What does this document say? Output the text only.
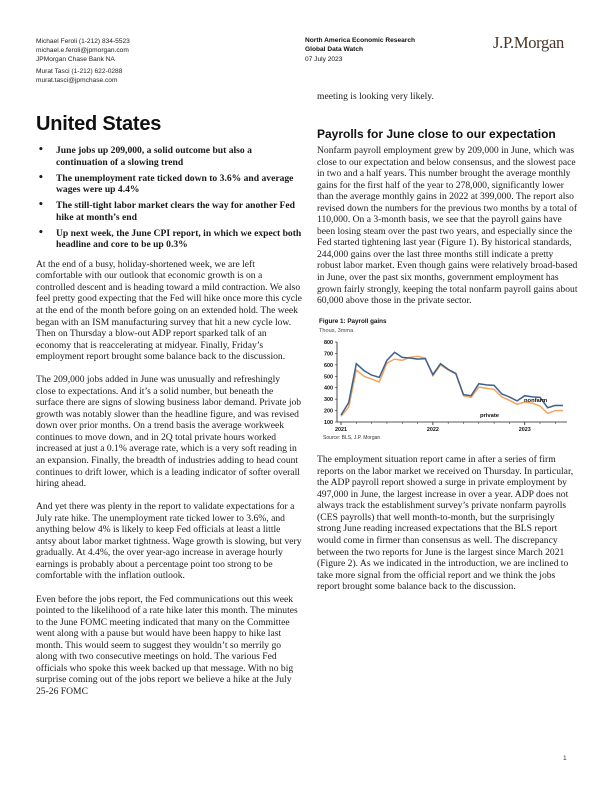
Michael Feroli (1-212) 834-5523
michael.e.feroli@jpmorgan.com
JPMorgan Chase Bank NA
Murat Tasci (1-212) 622-0288
murat.tasci@jpmchase.com
North America Economic Research
Global Data Watch
07 July 2023
J.P.Morgan
United States
• June jobs up 209,000, a solid outcome but also a continuation of a slowing trend
• The unemployment rate ticked down to 3.6% and average wages were up 4.4%
• The still-tight labor market clears the way for another Fed hike at month’s end
• Up next week, the June CPI report, in which we expect both headline and core to be up 0.3%

At the end of a busy, holiday-shortened week, we are left comfortable with our outlook that economic growth is on a controlled descent and is heading toward a mild contraction. We also feel pretty good expecting that the Fed will hike once more this cycle at the end of the month before going on an extended hold. The week began with an ISM manufacturing survey that hit a new cycle low. Then on Thursday a blow-out ADP report sparked talk of an economy that is reaccelerating at midyear. Finally, Friday’s employment report brought some balance back to the discussion.

The 209,000 jobs added in June was unusually and refreshingly close to expectations. And it’s a solid number, but beneath the surface there are signs of slowing business labor demand. Private job growth was notably slower than the headline figure, and was revised down over prior months. On a trend basis the average workweek continues to move down, and in 2Q total private hours worked increased at just a 0.1% average rate, which is a very soft reading in an expansion. Finally, the breadth of industries adding to head count continues to drift lower, which is a leading indicator of softer overall hiring ahead.

And yet there was plenty in the report to validate expectations for a July rate hike. The unemployment rate ticked lower to 3.6%, and anything below 4% is likely to keep Fed officials at least a little antsy about labor market tightness. Wage growth is slowing, but very gradually. At 4.4%, the over year-ago increase in average hourly earnings is probably about a percentage point too strong to be comfortable with the inflation outlook.

Even before the jobs report, the Fed communications out this week pointed to the likelihood of a rate hike later this month. The minutes to the June FOMC meeting indicated that many on the Committee went along with a pause but would have been happy to hike last month. This would seem to suggest they wouldn’t so merrily go along with two consecutive meetings on hold. The various Fed officials who spoke this week backed up that message. With no big surprise coming out of the jobs report we believe a hike at the July 25-26 FOMC

meeting is looking very likely.
Payrolls for June close to our expectation

Nonfarm payroll employment grew by 209,000 in June, which was close to our expectation and below consensus, and the slowest pace in two and a half years. This number brought the average monthly gains for the first half of the year to 278,000, significantly lower than the average monthly gains in 2022 at 399,000. The report also revised down the numbers for the previous two months by a total of 110,000. On a 3-month basis, we see that the payroll gains have been losing steam over the past two years, and especially since the Fed started tightening last year (Figure 1). By historical standards, 244,000 gains over the last three months still indicate a pretty robust labor market. Even though gains were relatively broad-based in June, over the past six months, government employment has grown fairly strongly, keeping the total nonfarm payroll gains about 60,000 above those in the private sector.

Figure 1: Payroll gains
Thous, 3mma
100
200
300
400
500
600
700
800
2021	2022	2023
nonfarm
private
Source: BLS, J.P. Morgan

The employment situation report came in after a series of firm reports on the labor market we received on Thursday. In particular, the ADP payroll report showed a surge in private employment by 497,000 in June, the largest increase in over a year. ADP does not always track the establishment survey’s private nonfarm payrolls (CES payrolls) that well month-to-month, but the surprisingly strong June reading increased expectations that the BLS report would come in firmer than consensus as well. The discrepancy between the two reports for June is the largest since March 2021 (Figure 2). As we indicated in the introduction, we are inclined to take more signal from the official report and we think the jobs report brought some balance back to the discussion.

1
